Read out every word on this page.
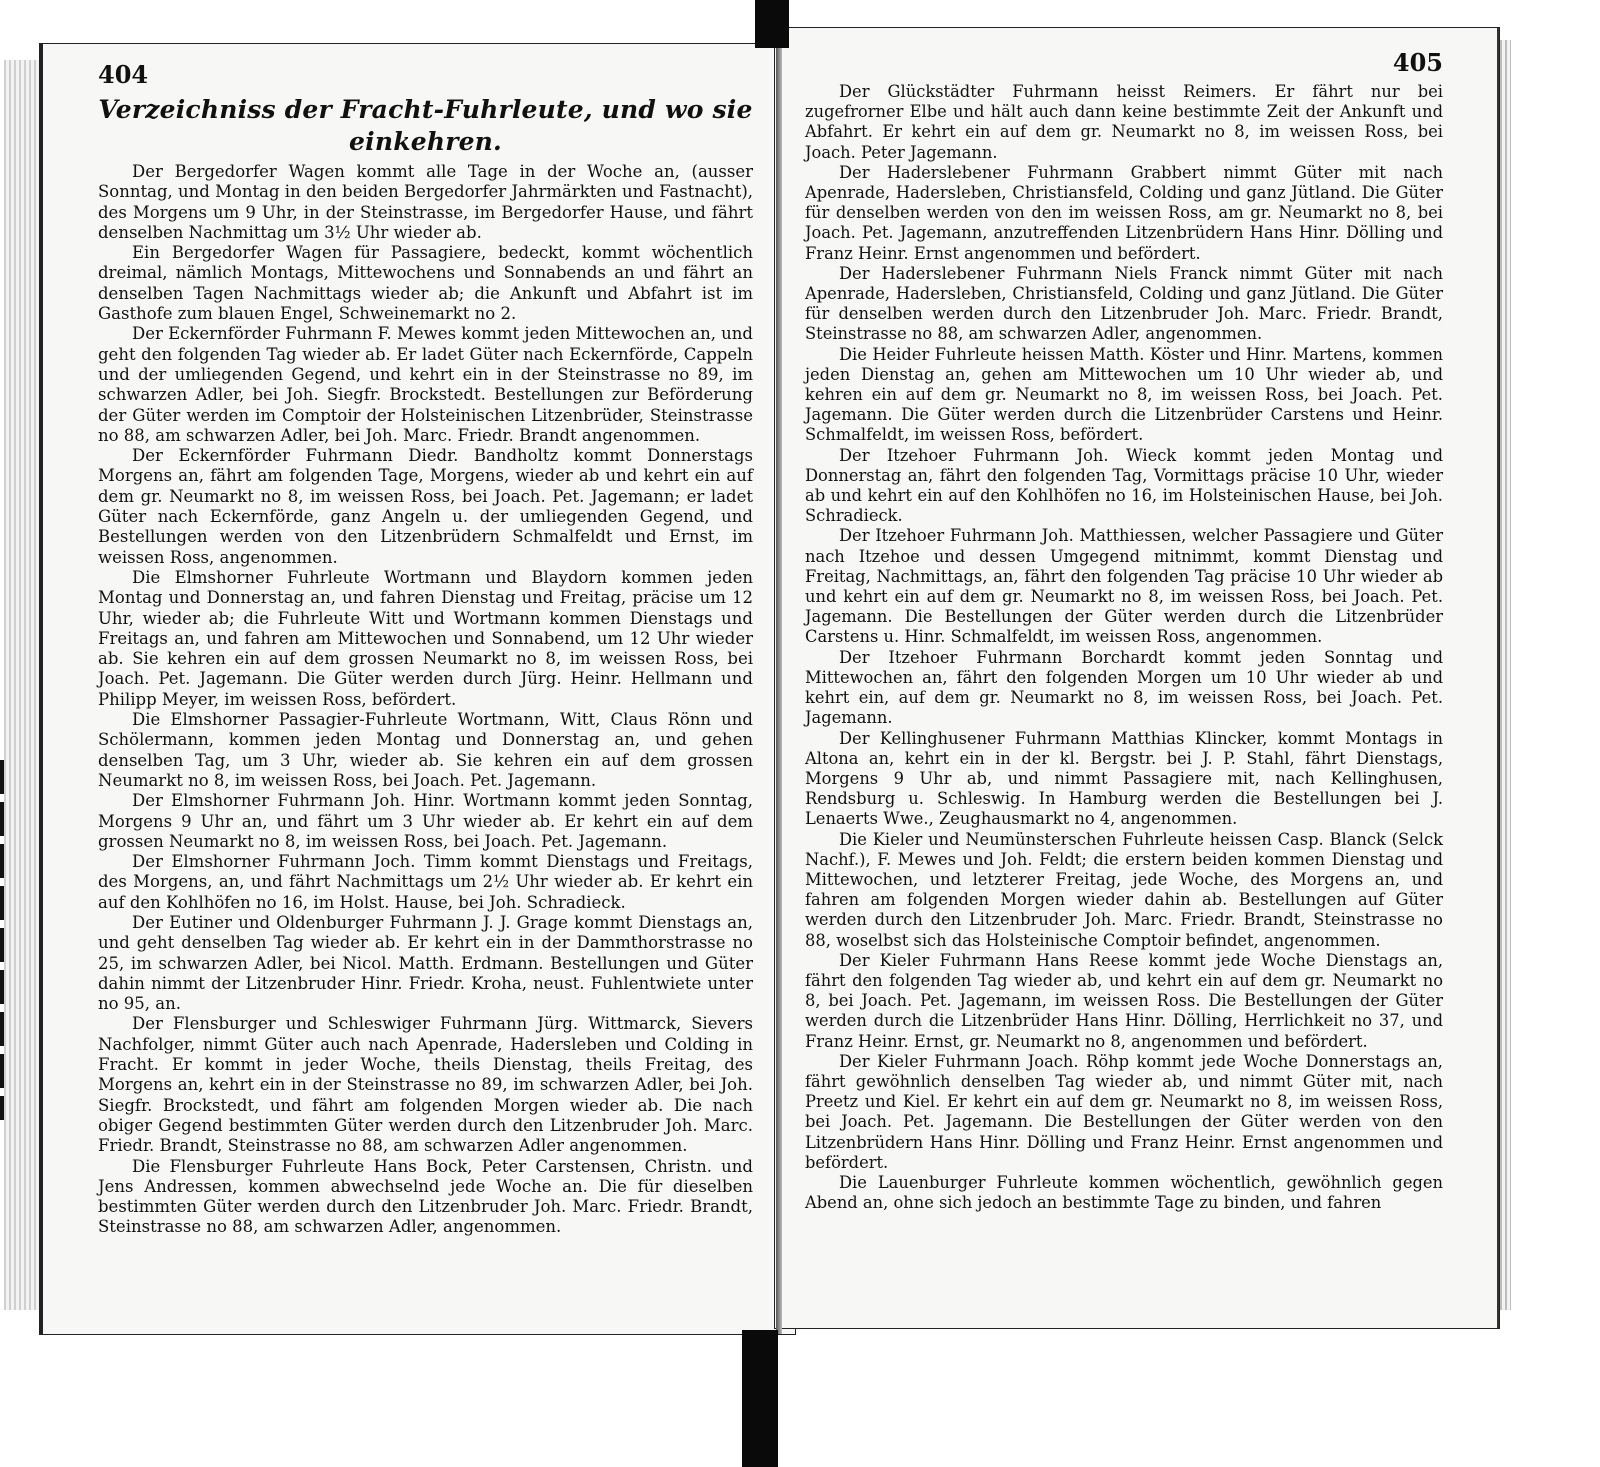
404
Verzeichniss der Fracht-Fuhrleute, und wo sie einkehren.

Der Bergedorfer Wagen kommt alle Tage in der Woche an, (ausser Sonntag, und Montag in den beiden Bergedorfer Jahrmärkten und Fastnacht), des Morgens um 9 Uhr, in der Steinstrasse, im Bergedorfer Hause, und fährt denselben Nachmittag um 3½ Uhr wieder ab.

Ein Bergedorfer Wagen für Passagiere, bedeckt, kommt wöchentlich dreimal, nämlich Montags, Mittewochens und Sonnabends an und fährt an denselben Tagen Nachmittags wieder ab; die Ankunft und Abfahrt ist im Gasthofe zum blauen Engel, Schweinemarkt no 2.

Der Eckernförder Fuhrmann F. Mewes kommt jeden Mittewochen an, und geht den folgenden Tag wieder ab. Er ladet Güter nach Eckernförde, Cappeln und der umliegenden Gegend, und kehrt ein in der Steinstrasse no 89, im schwarzen Adler, bei Joh. Siegfr. Brockstedt. Bestellungen zur Beförderung der Güter werden im Comptoir der Holsteinischen Litzenbrüder, Steinstrasse no 88, am schwarzen Adler, bei Joh. Marc. Friedr. Brandt angenommen.

Der Eckernförder Fuhrmann Diedr. Bandholtz kommt Donnerstags Morgens an, fährt am folgenden Tage, Morgens, wieder ab und kehrt ein auf dem gr. Neumarkt no 8, im weissen Ross, bei Joach. Pet. Jagemann; er ladet Güter nach Eckernförde, ganz Angeln u. der umliegenden Gegend, und Bestellungen werden von den Litzenbrüdern Schmalfeldt und Ernst, im weissen Ross, angenommen.

Die Elmshorner Fuhrleute Wortmann und Blaydorn kommen jeden Montag und Donnerstag an, und fahren Dienstag und Freitag, präcise um 12 Uhr, wieder ab; die Fuhrleute Witt und Wortmann kommen Dienstags und Freitags an, und fahren am Mittewochen und Sonnabend, um 12 Uhr wieder ab. Sie kehren ein auf dem grossen Neumarkt no 8, im weissen Ross, bei Joach. Pet. Jagemann. Die Güter werden durch Jürg. Heinr. Hellmann und Philipp Meyer, im weissen Ross, befördert.

Die Elmshorner Passagier-Fuhrleute Wortmann, Witt, Claus Rönn und Schölermann, kommen jeden Montag und Donnerstag an, und gehen denselben Tag, um 3 Uhr, wieder ab. Sie kehren ein auf dem grossen Neumarkt no 8, im weissen Ross, bei Joach. Pet. Jagemann.

Der Elmshorner Fuhrmann Joh. Hinr. Wortmann kommt jeden Sonntag, Morgens 9 Uhr an, und fährt um 3 Uhr wieder ab. Er kehrt ein auf dem grossen Neumarkt no 8, im weissen Ross, bei Joach. Pet. Jagemann.

Der Elmshorner Fuhrmann Joch. Timm kommt Dienstags und Freitags, des Morgens, an, und fährt Nachmittags um 2½ Uhr wieder ab. Er kehrt ein auf den Kohlhöfen no 16, im Holst. Hause, bei Joh. Schradieck.

Der Eutiner und Oldenburger Fuhrmann J. J. Grage kommt Dienstags an, und geht denselben Tag wieder ab. Er kehrt ein in der Dammthorstrasse no 25, im schwarzen Adler, bei Nicol. Matth. Erdmann. Bestellungen und Güter dahin nimmt der Litzenbruder Hinr. Friedr. Kroha, neust. Fuhlentwiete unter no 95, an.

Der Flensburger und Schleswiger Fuhrmann Jürg. Wittmarck, Sievers Nachfolger, nimmt Güter auch nach Apenrade, Hadersleben und Colding in Fracht. Er kommt in jeder Woche, theils Dienstag, theils Freitag, des Morgens an, kehrt ein in der Steinstrasse no 89, im schwarzen Adler, bei Joh. Siegfr. Brockstedt, und fährt am folgenden Morgen wieder ab. Die nach obiger Gegend bestimmten Güter werden durch den Litzenbruder Joh. Marc. Friedr. Brandt, Steinstrasse no 88, am schwarzen Adler angenommen.

Die Flensburger Fuhrleute Hans Bock, Peter Carstensen, Christn. und Jens Andressen, kommen abwechselnd jede Woche an. Die für dieselben bestimmten Güter werden durch den Litzenbruder Joh. Marc. Friedr. Brandt, Steinstrasse no 88, am schwarzen Adler, angenommen.

405

Der Glückstädter Fuhrmann heisst Reimers. Er fährt nur bei zugefrorner Elbe und hält auch dann keine bestimmte Zeit der Ankunft und Abfahrt. Er kehrt ein auf dem gr. Neumarkt no 8, im weissen Ross, bei Joach. Peter Jagemann.

Der Haderslebener Fuhrmann Grabbert nimmt Güter mit nach Apenrade, Hadersleben, Christiansfeld, Colding und ganz Jütland. Die Güter für denselben werden von den im weissen Ross, am gr. Neumarkt no 8, bei Joach. Pet. Jagemann, anzutreffenden Litzenbrüdern Hans Hinr. Dölling und Franz Heinr. Ernst angenommen und befördert.

Der Haderslebener Fuhrmann Niels Franck nimmt Güter mit nach Apenrade, Hadersleben, Christiansfeld, Colding und ganz Jütland. Die Güter für denselben werden durch den Litzenbruder Joh. Marc. Friedr. Brandt, Steinstrasse no 88, am schwarzen Adler, angenommen.

Die Heider Fuhrleute heissen Matth. Köster und Hinr. Martens, kommen jeden Dienstag an, gehen am Mittewochen um 10 Uhr wieder ab, und kehren ein auf dem gr. Neumarkt no 8, im weissen Ross, bei Joach. Pet. Jagemann. Die Güter werden durch die Litzenbrüder Carstens und Heinr. Schmalfeldt, im weissen Ross, befördert.

Der Itzehoer Fuhrmann Joh. Wieck kommt jeden Montag und Donnerstag an, fährt den folgenden Tag, Vormittags präcise 10 Uhr, wieder ab und kehrt ein auf den Kohlhöfen no 16, im Holsteinischen Hause, bei Joh. Schradieck.

Der Itzehoer Fuhrmann Joh. Matthiessen, welcher Passagiere und Güter nach Itzehoe und dessen Umgegend mitnimmt, kommt Dienstag und Freitag, Nachmittags, an, fährt den folgenden Tag präcise 10 Uhr wieder ab und kehrt ein auf dem gr. Neumarkt no 8, im weissen Ross, bei Joach. Pet. Jagemann. Die Bestellungen der Güter werden durch die Litzenbrüder Carstens u. Hinr. Schmalfeldt, im weissen Ross, angenommen.

Der Itzehoer Fuhrmann Borchardt kommt jeden Sonntag und Mittewochen an, fährt den folgenden Morgen um 10 Uhr wieder ab und kehrt ein, auf dem gr. Neumarkt no 8, im weissen Ross, bei Joach. Pet. Jagemann.

Der Kellinghusener Fuhrmann Matthias Klincker, kommt Montags in Altona an, kehrt ein in der kl. Bergstr. bei J. P. Stahl, fährt Dienstags, Morgens 9 Uhr ab, und nimmt Passagiere mit, nach Kellinghusen, Rendsburg u. Schleswig. In Hamburg werden die Bestellungen bei J. Lenaerts Wwe., Zeughausmarkt no 4, angenommen.

Die Kieler und Neumünsterschen Fuhrleute heissen Casp. Blanck (Selck Nachf.), F. Mewes und Joh. Feldt; die erstern beiden kommen Dienstag und Mittewochen, und letzterer Freitag, jede Woche, des Morgens an, und fahren am folgenden Morgen wieder dahin ab. Bestellungen auf Güter werden durch den Litzenbruder Joh. Marc. Friedr. Brandt, Steinstrasse no 88, woselbst sich das Holsteinische Comptoir befindet, angenommen.

Der Kieler Fuhrmann Hans Reese kommt jede Woche Dienstags an, fährt den folgenden Tag wieder ab, und kehrt ein auf dem gr. Neumarkt no 8, bei Joach. Pet. Jagemann, im weissen Ross. Die Bestellungen der Güter werden durch die Litzenbrüder Hans Hinr. Dölling, Herrlichkeit no 37, und Franz Heinr. Ernst, gr. Neumarkt no 8, angenommen und befördert.

Der Kieler Fuhrmann Joach. Röhp kommt jede Woche Donnerstags an, fährt gewöhnlich denselben Tag wieder ab, und nimmt Güter mit, nach Preetz und Kiel. Er kehrt ein auf dem gr. Neumarkt no 8, im weissen Ross, bei Joach. Pet. Jagemann. Die Bestellungen der Güter werden von den Litzenbrüdern Hans Hinr. Dölling und Franz Heinr. Ernst angenommen und befördert.

Die Lauenburger Fuhrleute kommen wöchentlich, gewöhnlich gegen Abend an, ohne sich jedoch an bestimmte Tage zu binden, und fahren
